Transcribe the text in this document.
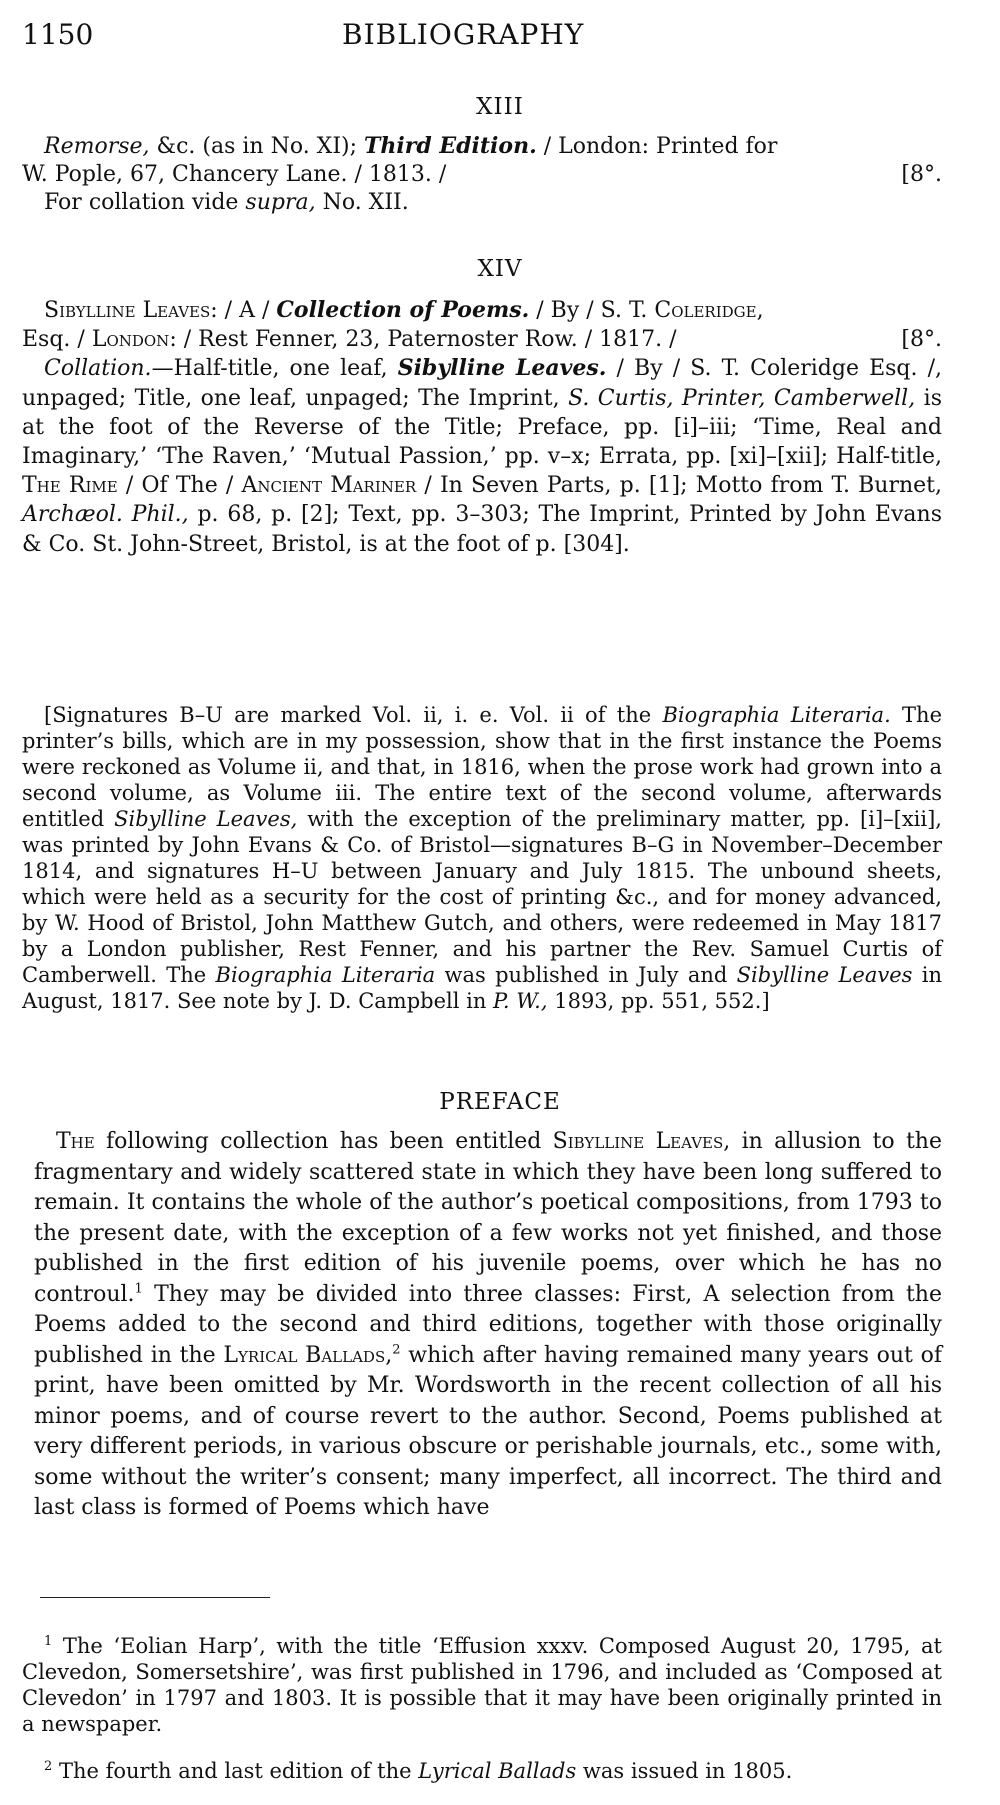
1150	BIBLIOGRAPHY
XIII

Remorse, &c. (as in No. XI); Third Edition. / London: Printed for

W. Pople, 67, Chancery Lane. / 1813. /	[8°.

For collation vide supra, No. XII.

XIV

Sibylline Leaves: / A / Collection of Poems. / By / S. T. Coleridge,
Esq. / London: / Rest Fenner, 23, Paternoster Row. / 1817. /	[8°.

Collation.—Half-title, one leaf, Sibylline Leaves. / By / S. T. Coleridge Esq. /, unpaged; Title, one leaf, unpaged; The Imprint, S. Curtis, Printer, Camberwell, is at the foot of the Reverse of the Title; Preface, pp. [i]–iii; ‘Time, Real and Imaginary,’ ‘The Raven,’ ‘Mutual Passion,’ pp. v–x; Errata, pp. [xi]–[xii]; Half-title, The Rime / Of The / Ancient Mariner / In Seven Parts, p. [1]; Motto from T. Burnet, Archæol. Phil., p. 68, p. [2]; Text, pp. 3–303; The Imprint, Printed by John Evans & Co. St. John-Street, Bristol, is at the foot of p. [304].

[Signatures B–U are marked Vol. ii, i. e. Vol. ii of the Biographia Literaria. The printer’s bills, which are in my possession, show that in the first instance the Poems were reckoned as Volume ii, and that, in 1816, when the prose work had grown into a second volume, as Volume iii. The entire text of the second volume, afterwards entitled Sibylline Leaves, with the exception of the preliminary matter, pp. [i]–[xii], was printed by John Evans & Co. of Bristol—signatures B–G in November–December 1814, and signatures H–U between January and July 1815. The unbound sheets, which were held as a security for the cost of printing &c., and for money advanced, by W. Hood of Bristol, John Matthew Gutch, and others, were redeemed in May 1817 by a London publisher, Rest Fenner, and his partner the Rev. Samuel Curtis of Camberwell. The Biographia Literaria was published in July and Sibylline Leaves in August, 1817. See note by J. D. Campbell in P. W., 1893, pp. 551, 552.]

PREFACE

The following collection has been entitled Sibylline Leaves, in allusion to the fragmentary and widely scattered state in which they have been long suffered to remain. It contains the whole of the author’s poetical compositions, from 1793 to the present date, with the exception of a few works not yet finished, and those published in the first edition of his juvenile poems, over which he has no controul.$^1$ They may be divided into three classes: First, A selection from the Poems added to the second and third editions, together with those originally published in the Lyrical Ballads,$^2$ which after having remained many years out of print, have been omitted by Mr. Wordsworth in the recent collection of all his minor poems, and of course revert to the author. Second, Poems published at very different periods, in various obscure or perishable journals, etc., some with, some without the writer’s consent; many imperfect, all incorrect. The third and last class is formed of Poems which have

$^1$ The ‘Eolian Harp’, with the title ‘Effusion xxxv. Composed August 20, 1795, at Clevedon, Somersetshire’, was first published in 1796, and included as ‘Composed at Clevedon’ in 1797 and 1803. It is possible that it may have been originally printed in a newspaper.

$^2$ The fourth and last edition of the Lyrical Ballads was issued in 1805.
